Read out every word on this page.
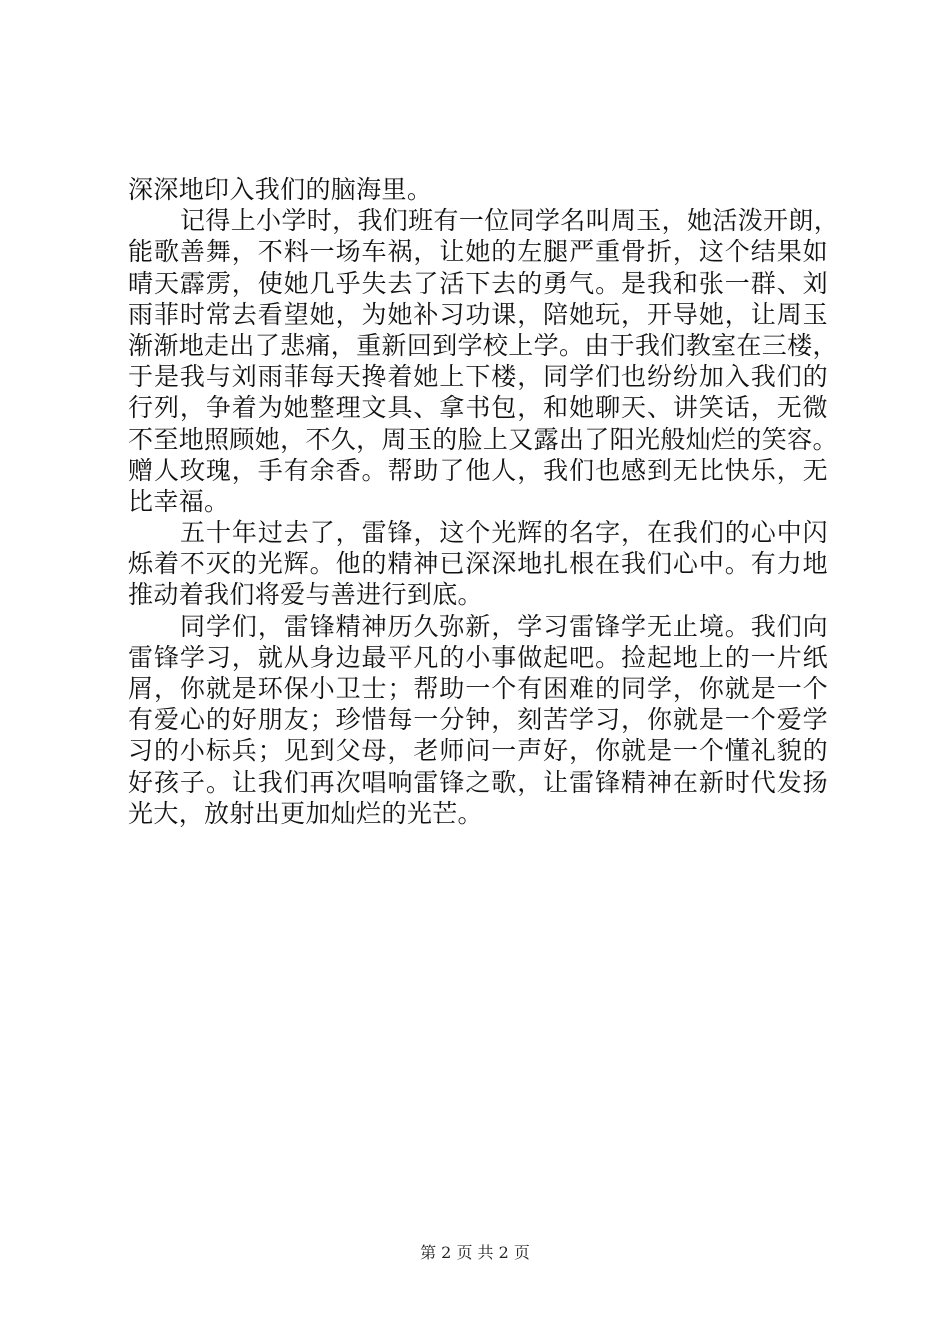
深深地印入我们的脑海里。
记得上小学时，我们班有一位同学名叫周玉，她活泼开朗，
能歌善舞，不料一场车祸，让她的左腿严重骨折，这个结果如
晴天霹雳，使她几乎失去了活下去的勇气。是我和张一群、刘
雨菲时常去看望她，为她补习功课，陪她玩，开导她，让周玉
渐渐地走出了悲痛，重新回到学校上学。由于我们教室在三楼，
于是我与刘雨菲每天搀着她上下楼，同学们也纷纷加入我们的
行列，争着为她整理文具、拿书包，和她聊天、讲笑话，无微
不至地照顾她，不久，周玉的脸上又露出了阳光般灿烂的笑容。
赠人玫瑰，手有余香。帮助了他人，我们也感到无比快乐，无
比幸福。
五十年过去了，雷锋，这个光辉的名字，在我们的心中闪
烁着不灭的光辉。他的精神已深深地扎根在我们心中。有力地
推动着我们将爱与善进行到底。
同学们，雷锋精神历久弥新，学习雷锋学无止境。我们向
雷锋学习，就从身边最平凡的小事做起吧。捡起地上的一片纸
屑，你就是环保小卫士；帮助一个有困难的同学，你就是一个
有爱心的好朋友；珍惜每一分钟，刻苦学习，你就是一个爱学
习的小标兵；见到父母，老师问一声好，你就是一个懂礼貌的
好孩子。让我们再次唱响雷锋之歌，让雷锋精神在新时代发扬
光大，放射出更加灿烂的光芒。
第 2 页 共 2 页
